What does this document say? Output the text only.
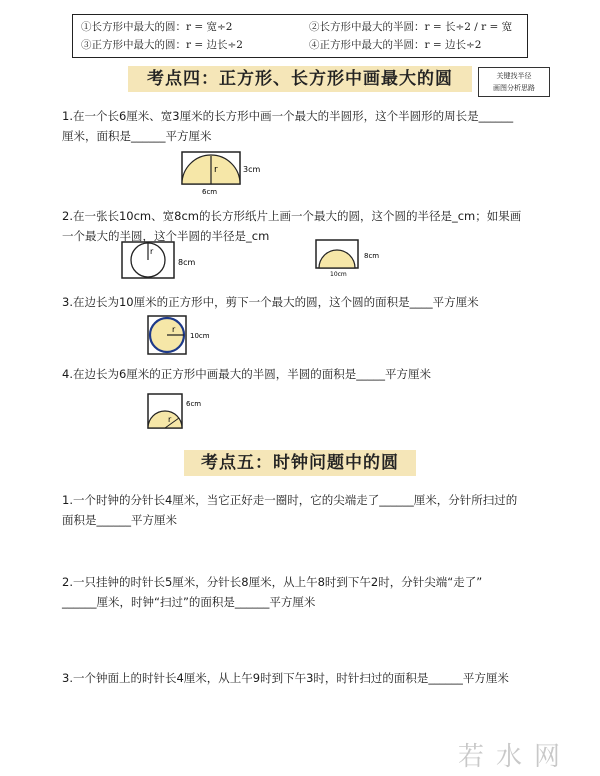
①长方形中最大的圆：r = 宽÷2	②长方形中最大的半圆：r = 长÷2 / r = 宽
③正方形中最大的圆：r = 边长÷2	④正方形中最大的半圆：r = 边长÷2
考点四：正方形、长方形中画最大的圆	关键找半径
画图分析思路
1.在一个长6厘米、宽3厘米的长方形中画一个最大的半圆形，这个半圆形的周长是______
厘米，面积是______平方厘米
r	3cm
6cm
2.在一张长10cm、宽8cm的长方形纸片上画一个最大的圆，这个圆的半径是_cm；如果画
一个最大的半圆，这个半圆的半径是_cm
r
8cm
8cm
10cm
3.在边长为10厘米的正方形中，剪下一个最大的圆，这个圆的面积是____平方厘米
r
10cm
4.在边长为6厘米的正方形中画最大的半圆，半圆的面积是_____平方厘米
r
6cm
考点五：时钟问题中的圆
1.一个时钟的分针长4厘米，当它正好走一圈时，它的尖端走了______厘米，分针所扫过的
面积是______平方厘米
2.一只挂钟的时针长5厘米，分针长8厘米，从上午8时到下午2时，分针尖端“走了”
______厘米，时钟“扫过”的面积是______平方厘米
3.一个钟面上的时针长4厘米，从上午9时到下午3时，时针扫过的面积是______平方厘米
若水网
